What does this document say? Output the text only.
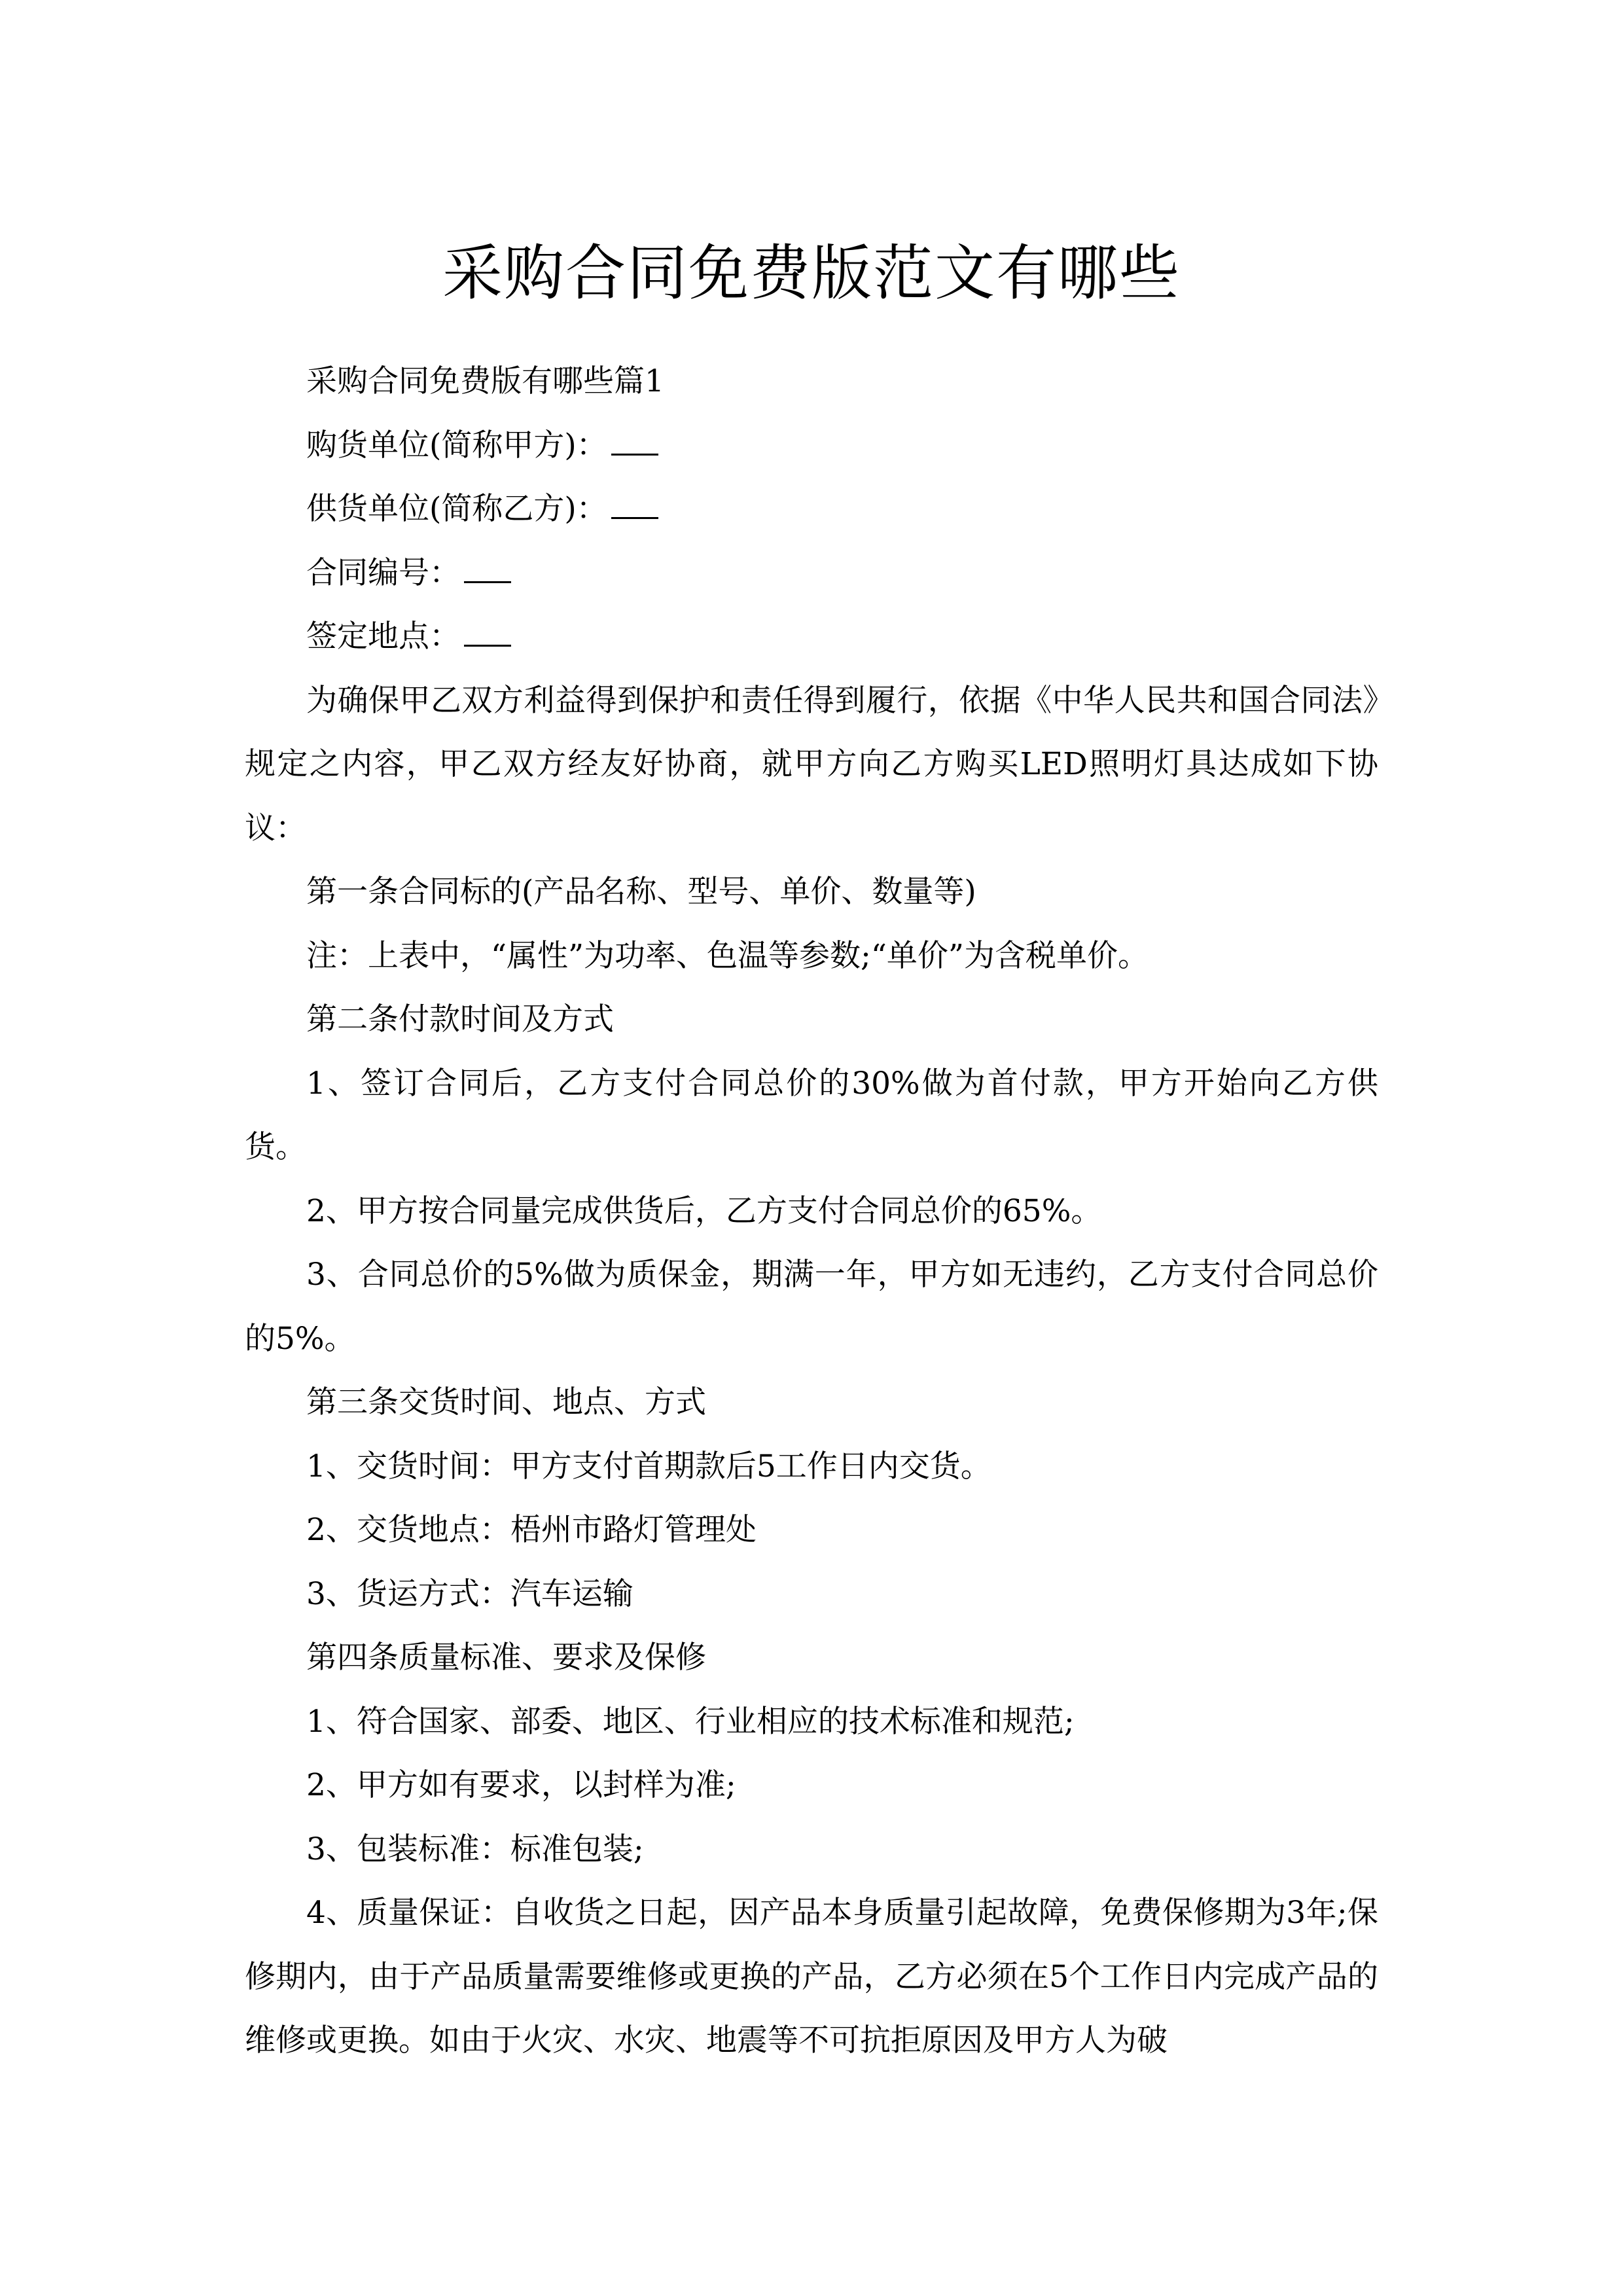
采购合同免费版范文有哪些

采购合同免费版有哪些篇1

购货单位(简称甲方)：

供货单位(简称乙方)：

合同编号：

签定地点：

为确保甲乙双方利益得到保护和责任得到履行，依据《中华人民共和国合同法》规定之内容，甲乙双方经友好协商，就甲方向乙方购买LED照明灯具达成如下协议：

第一条合同标的(产品名称、型号、单价、数量等)

注：上表中，“属性”为功率、色温等参数;“单价”为含税单价。

第二条付款时间及方式

1、签订合同后，乙方支付合同总价的30%做为首付款，甲方开始向乙方供货。

2、甲方按合同量完成供货后，乙方支付合同总价的65%。

3、合同总价的5%做为质保金，期满一年，甲方如无违约，乙方支付合同总价的5%。

第三条交货时间、地点、方式

1、交货时间：甲方支付首期款后5工作日内交货。

2、交货地点：梧州市路灯管理处

3、货运方式：汽车运输

第四条质量标准、要求及保修

1、符合国家、部委、地区、行业相应的技术标准和规范;

2、甲方如有要求，以封样为准;

3、包装标准：标准包装;

4、质量保证：自收货之日起，因产品本身质量引起故障，免费保修期为3年;保修期内，由于产品质量需要维修或更换的产品，乙方必须在5个工作日内完成产品的维修或更换。如由于火灾、水灾、地震等不可抗拒原因及甲方人为破
